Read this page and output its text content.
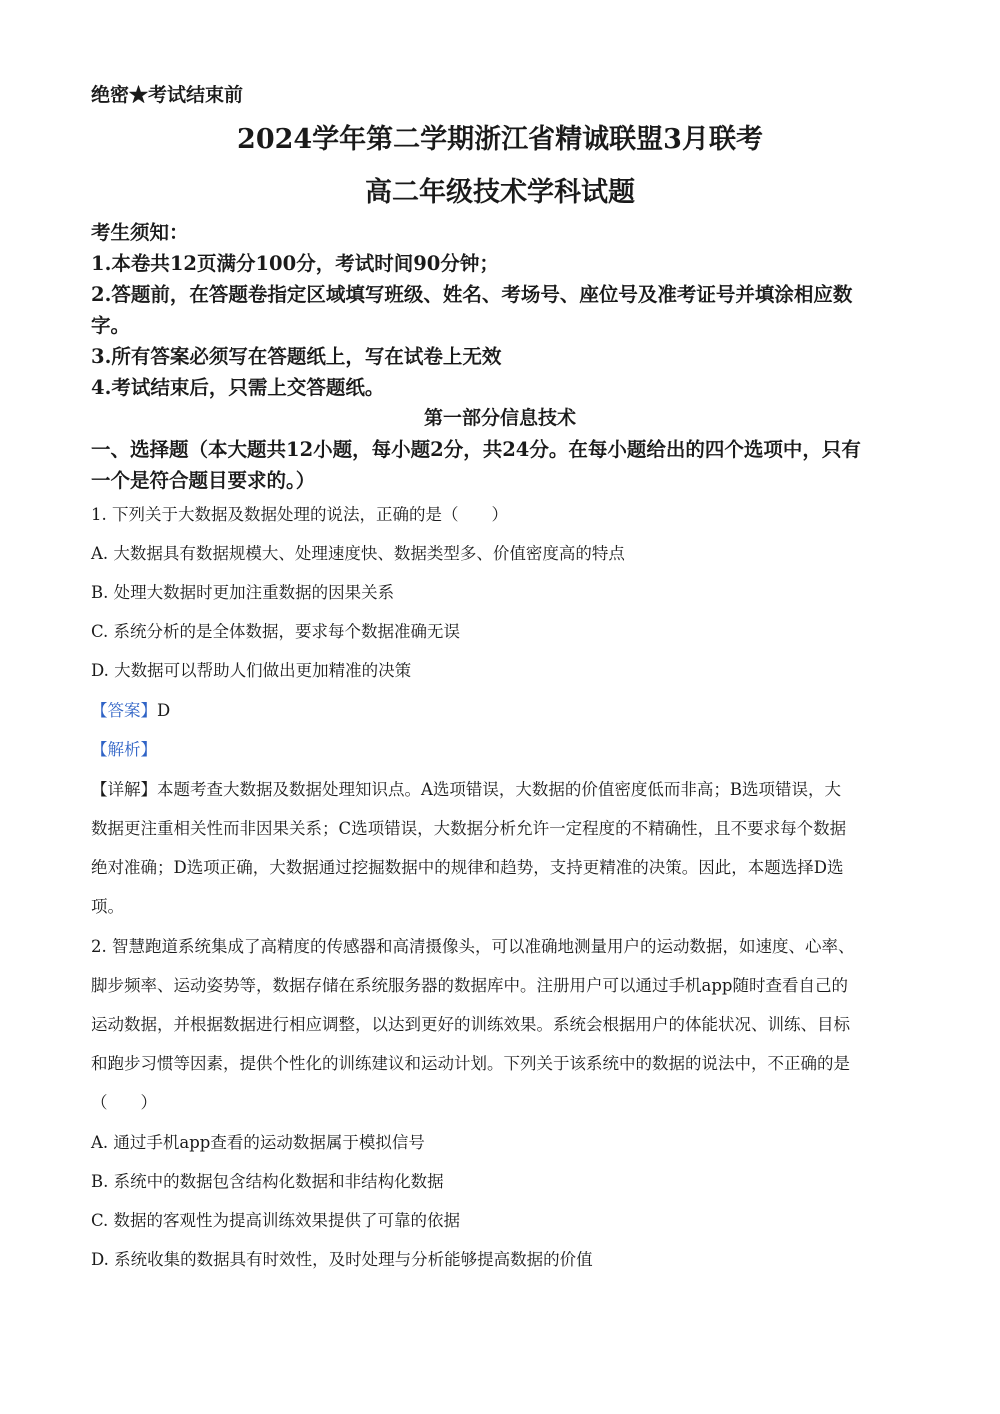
绝密★考试结束前
2024学年第二学期浙江省精诚联盟3月联考
高二年级技术学科试题
考生须知：
1.本卷共12页满分100分，考试时间90分钟；
2.答题前，在答题卷指定区域填写班级、姓名、考场号、座位号及准考证号并填涂相应数
字。
3.所有答案必须写在答题纸上，写在试卷上无效
4.考试结束后，只需上交答题纸。
第一部分信息技术
一、选择题（本大题共12小题，每小题2分，共24分。在每小题给出的四个选项中，只有
一个是符合题目要求的。）
1. 下列关于大数据及数据处理的说法，正确的是（　　）
A. 大数据具有数据规模大、处理速度快、数据类型多、价值密度高的特点
B. 处理大数据时更加注重数据的因果关系
C. 系统分析的是全体数据，要求每个数据准确无误
D. 大数据可以帮助人们做出更加精准的决策
【答案】D
【解析】
【详解】本题考查大数据及数据处理知识点。A选项错误，大数据的价值密度低而非高；B选项错误，大
数据更注重相关性而非因果关系；C选项错误，大数据分析允许一定程度的不精确性，且不要求每个数据
绝对准确；D选项正确，大数据通过挖掘数据中的规律和趋势，支持更精准的决策。因此，本题选择D选
项。
2. 智慧跑道系统集成了高精度的传感器和高清摄像头，可以准确地测量用户的运动数据，如速度、心率、
脚步频率、运动姿势等，数据存储在系统服务器的数据库中。注册用户可以通过手机app随时查看自己的
运动数据，并根据数据进行相应调整，以达到更好的训练效果。系统会根据用户的体能状况、训练、目标
和跑步习惯等因素，提供个性化的训练建议和运动计划。下列关于该系统中的数据的说法中，不正确的是
（　　）
A. 通过手机app查看的运动数据属于模拟信号
B. 系统中的数据包含结构化数据和非结构化数据
C. 数据的客观性为提高训练效果提供了可靠的依据
D. 系统收集的数据具有时效性，及时处理与分析能够提高数据的价值
